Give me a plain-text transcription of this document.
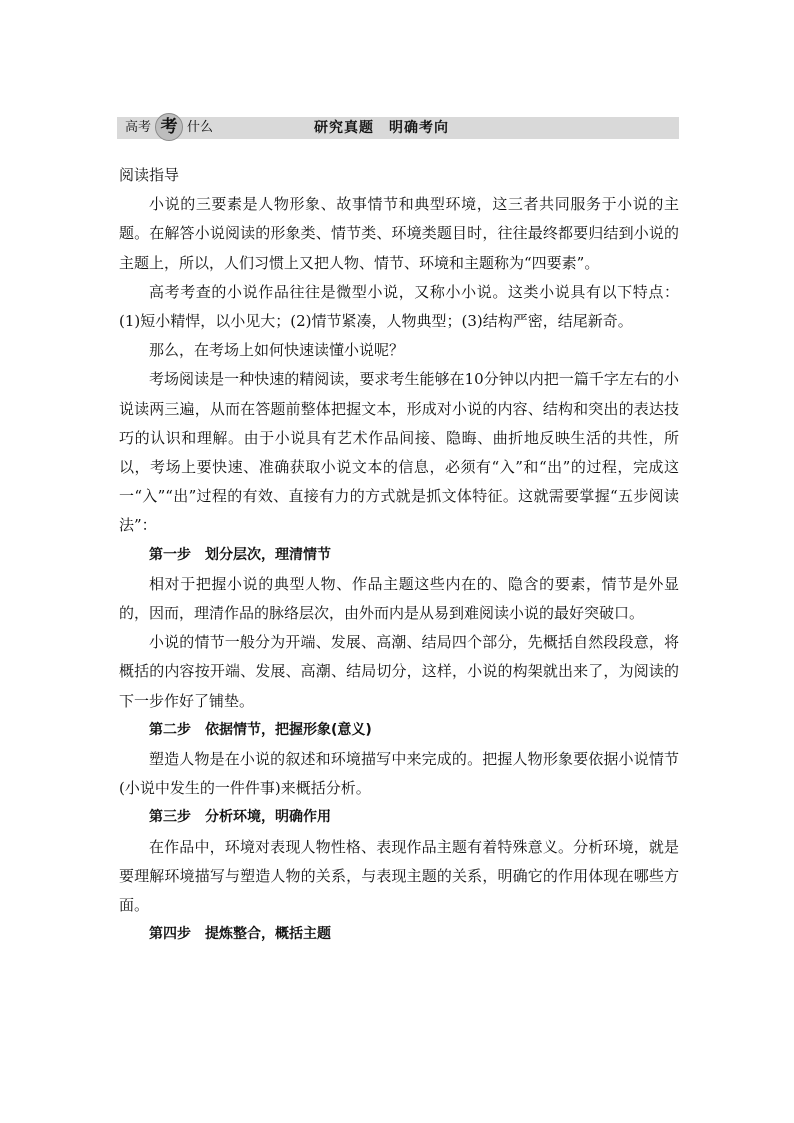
高考 考 什么	研究真题　明确考向

阅读指导

小说的三要素是人物形象、故事情节和典型环境，这三者共同服务于小说的主题。在解答小说阅读的形象类、情节类、环境类题目时，往往最终都要归结到小说的主题上，所以，人们习惯上又把人物、情节、环境和主题称为“四要素”。

高考考查的小说作品往往是微型小说，又称小小说。这类小说具有以下特点：(1)短小精悍，以小见大；(2)情节紧凑，人物典型；(3)结构严密，结尾新奇。

那么，在考场上如何快速读懂小说呢？

考场阅读是一种快速的精阅读，要求考生能够在10分钟以内把一篇千字左右的小说读两三遍，从而在答题前整体把握文本，形成对小说的内容、结构和突出的表达技巧的认识和理解。由于小说具有艺术作品间接、隐晦、曲折地反映生活的共性，所以，考场上要快速、准确获取小说文本的信息，必须有“入”和“出”的过程，完成这一“入”“出”过程的有效、直接有力的方式就是抓文体特征。这就需要掌握“五步阅读法”：

第一步　划分层次，理清情节

相对于把握小说的典型人物、作品主题这些内在的、隐含的要素，情节是外显的，因而，理清作品的脉络层次，由外而内是从易到难阅读小说的最好突破口。

小说的情节一般分为开端、发展、高潮、结局四个部分，先概括自然段段意，将概括的内容按开端、发展、高潮、结局切分，这样，小说的构架就出来了，为阅读的下一步作好了铺垫。

第二步　依据情节，把握形象(意义)

塑造人物是在小说的叙述和环境描写中来完成的。把握人物形象要依据小说情节(小说中发生的一件件事)来概括分析。

第三步　分析环境，明确作用

在作品中，环境对表现人物性格、表现作品主题有着特殊意义。分析环境，就是要理解环境描写与塑造人物的关系，与表现主题的关系，明确它的作用体现在哪些方面。

第四步　提炼整合，概括主题
